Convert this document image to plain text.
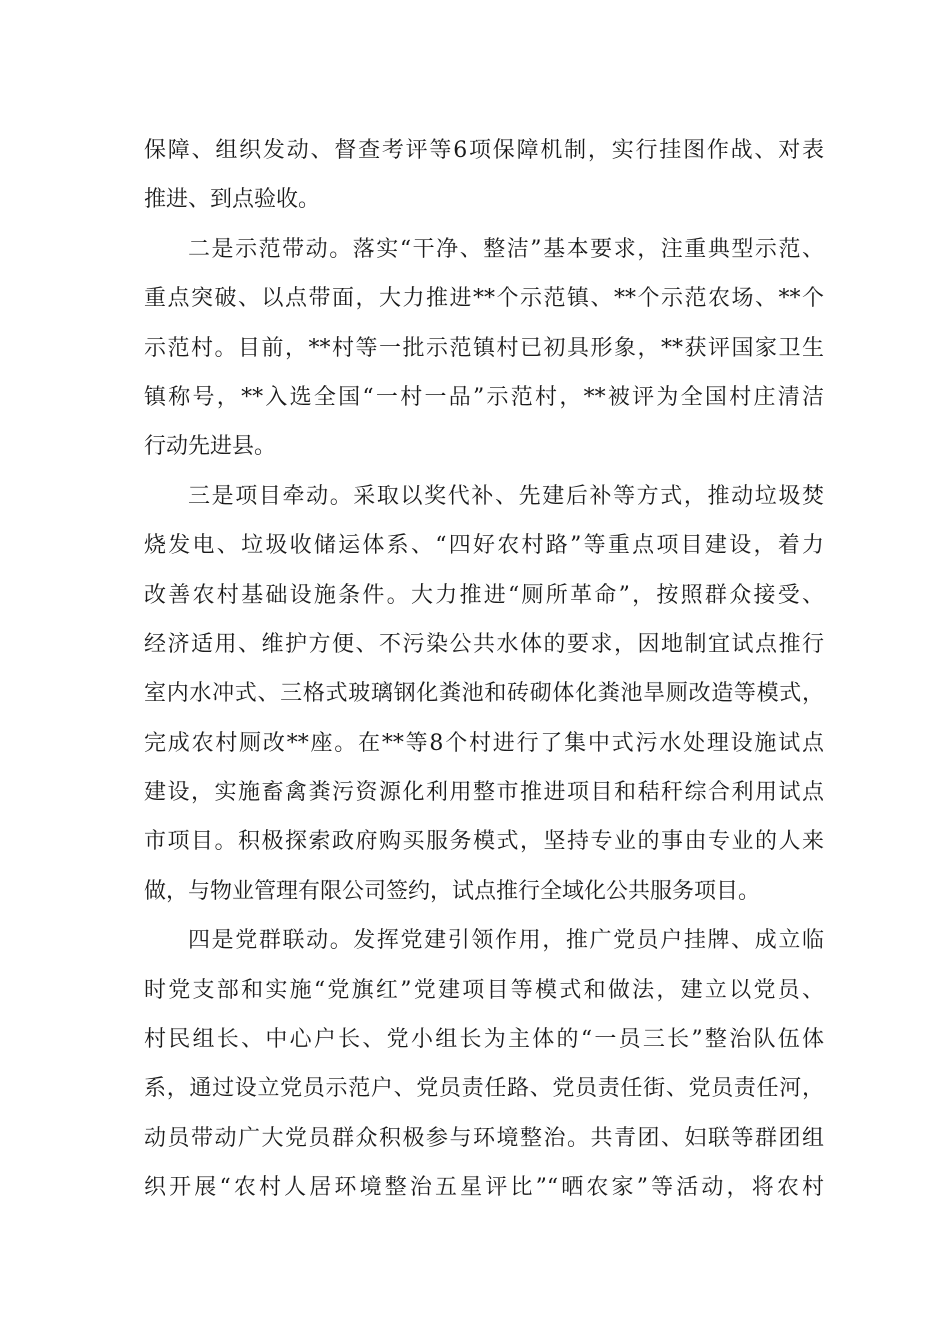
保障、组织发动、督查考评等6项保障机制，实行挂图作战、对表
推进、到点验收。
二是示范带动。落实“干净、整洁”基本要求，注重典型示范、
重点突破、以点带面，大力推进**个示范镇、**个示范农场、**个
示范村。目前，**村等一批示范镇村已初具形象，**获评国家卫生
镇称号，**入选全国“一村一品”示范村，**被评为全国村庄清洁
行动先进县。
三是项目牵动。采取以奖代补、先建后补等方式，推动垃圾焚
烧发电、垃圾收储运体系、“四好农村路”等重点项目建设，着力
改善农村基础设施条件。大力推进“厕所革命”，按照群众接受、
经济适用、维护方便、不污染公共水体的要求，因地制宜试点推行
室内水冲式、三格式玻璃钢化粪池和砖砌体化粪池旱厕改造等模式，
完成农村厕改**座。在**等8个村进行了集中式污水处理设施试点
建设，实施畜禽粪污资源化利用整市推进项目和秸秆综合利用试点
市项目。积极探索政府购买服务模式，坚持专业的事由专业的人来
做，与物业管理有限公司签约，试点推行全域化公共服务项目。
四是党群联动。发挥党建引领作用，推广党员户挂牌、成立临
时党支部和实施“党旗红”党建项目等模式和做法，建立以党员、
村民组长、中心户长、党小组长为主体的“一员三长”整治队伍体
系，通过设立党员示范户、党员责任路、党员责任街、党员责任河，
动员带动广大党员群众积极参与环境整治。共青团、妇联等群团组
织开展“农村人居环境整治五星评比”“晒农家”等活动，将农村
